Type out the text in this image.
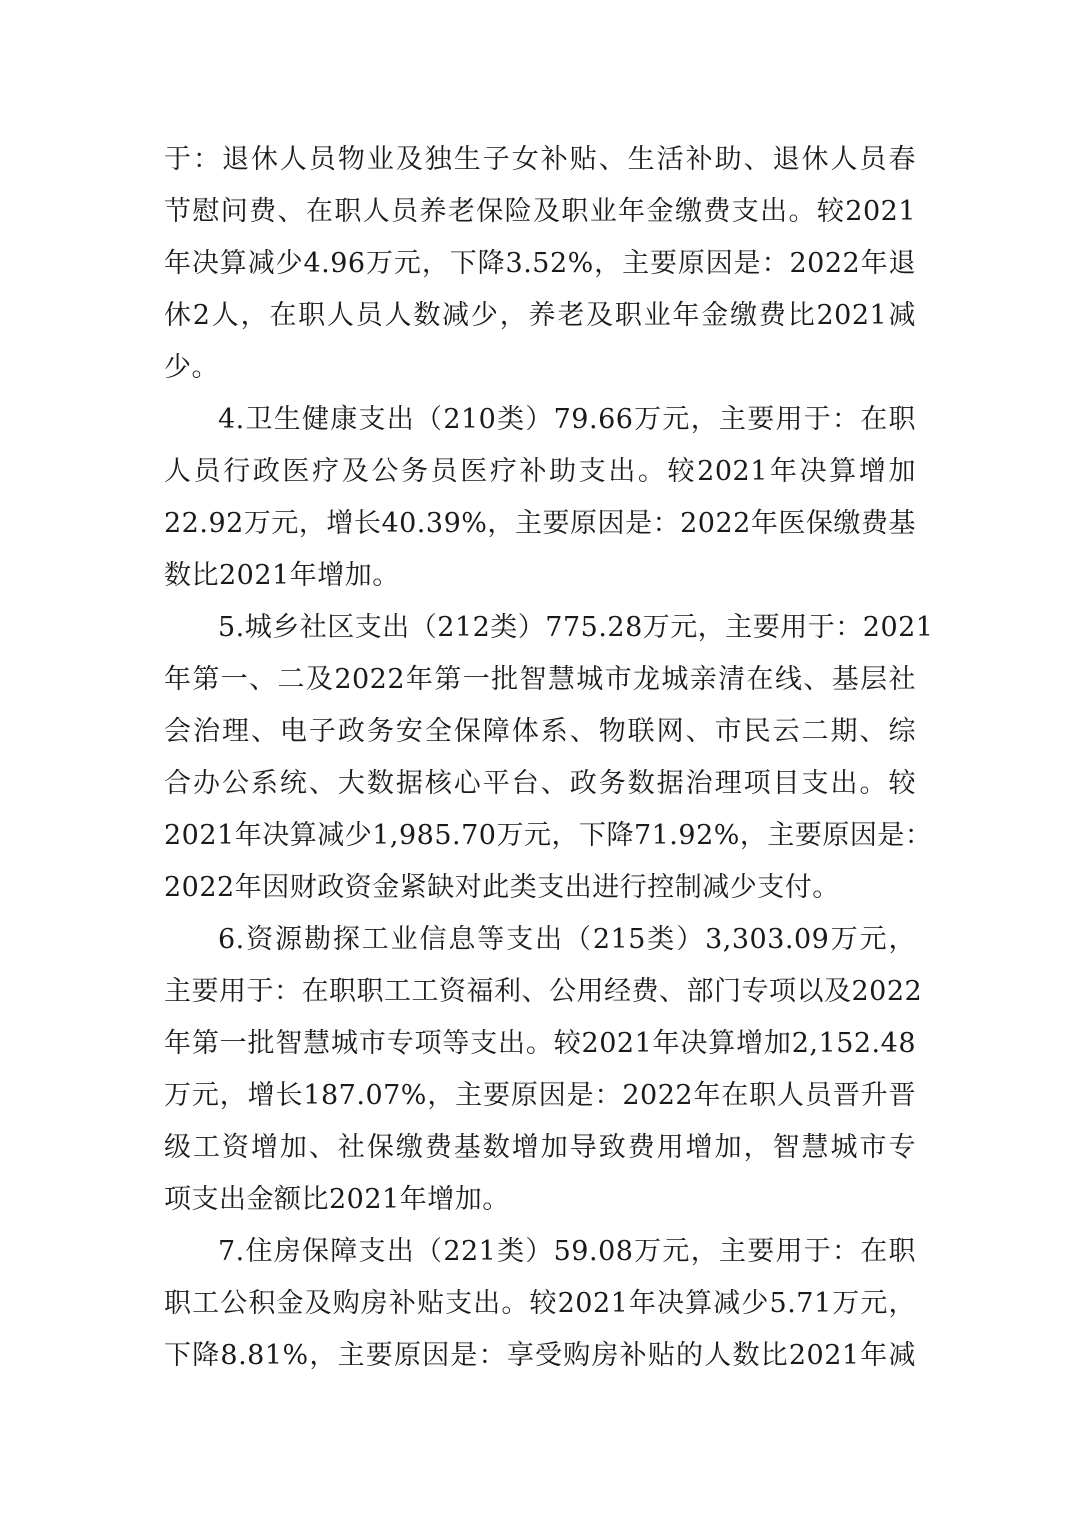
于：退休人员物业及独生子女补贴、生活补助、退休人员春
节慰问费、在职人员养老保险及职业年金缴费支出。较2021
年决算减少4.96万元，下降3.52%，主要原因是：2022年退
休2人，在职人员人数减少，养老及职业年金缴费比2021减
少。
4.卫生健康支出（210类）79.66万元，主要用于：在职
人员行政医疗及公务员医疗补助支出。较2021年决算增加
22.92万元，增长40.39%，主要原因是：2022年医保缴费基
数比2021年增加。
5.城乡社区支出（212类）775.28万元，主要用于：2021
年第一、二及2022年第一批智慧城市龙城亲清在线、基层社
会治理、电子政务安全保障体系、物联网、市民云二期、综
合办公系统、大数据核心平台、政务数据治理项目支出。较
2021年决算减少1,985.70万元，下降71.92%，主要原因是：
2022年因财政资金紧缺对此类支出进行控制减少支付。
6.资源勘探工业信息等支出（215类）3,303.09万元，
主要用于：在职职工工资福利、公用经费、部门专项以及2022
年第一批智慧城市专项等支出。较2021年决算增加2,152.48
万元，增长187.07%，主要原因是：2022年在职人员晋升晋
级工资增加、社保缴费基数增加导致费用增加，智慧城市专
项支出金额比2021年增加。
7.住房保障支出（221类）59.08万元，主要用于：在职
职工公积金及购房补贴支出。较2021年决算减少5.71万元，
下降8.81%，主要原因是：享受购房补贴的人数比2021年减
